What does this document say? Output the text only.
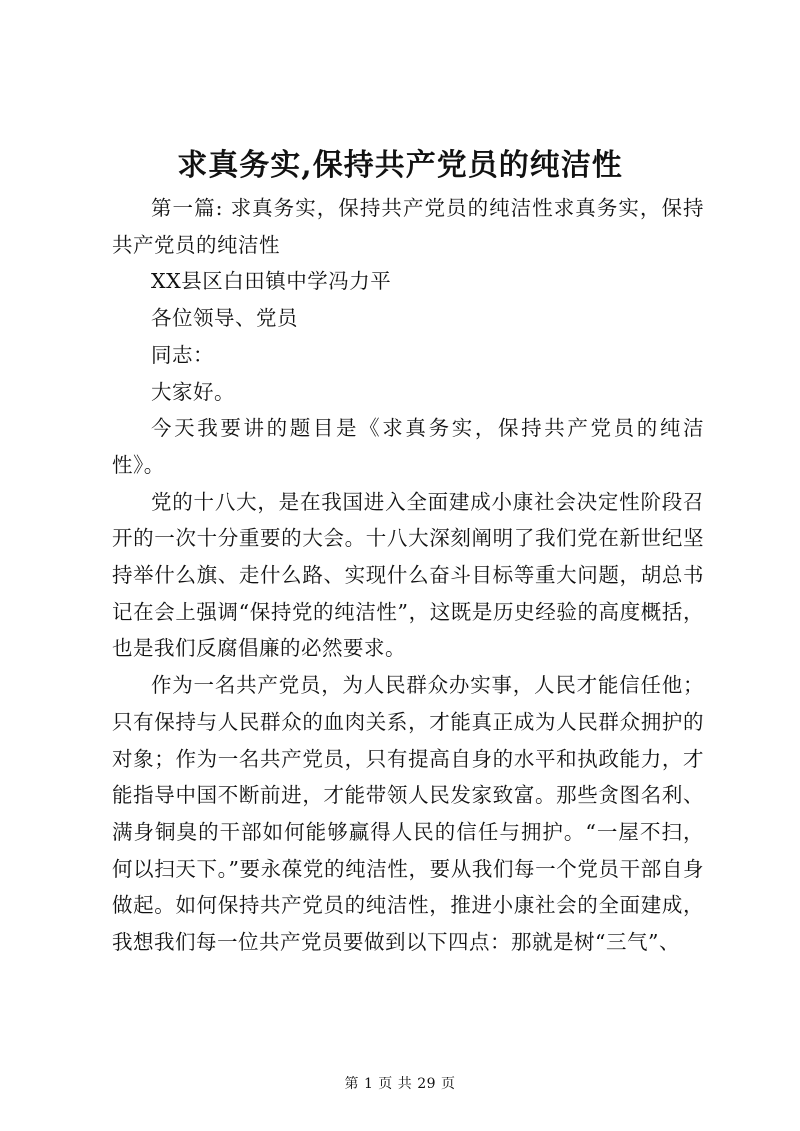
求真务实,保持共产党员的纯洁性

第一篇: 求真务实，保持共产党员的纯洁性求真务实，保持共产党员的纯洁性

XX县区白田镇中学冯力平

各位领导、党员

同志：

大家好。

今天我要讲的题目是《求真务实，保持共产党员的纯洁性》。

党的十八大，是在我国进入全面建成小康社会决定性阶段召开的一次十分重要的大会。十八大深刻阐明了我们党在新世纪坚持举什么旗、走什么路、实现什么奋斗目标等重大问题，胡总书记在会上强调“保持党的纯洁性”，这既是历史经验的高度概括，也是我们反腐倡廉的必然要求。

作为一名共产党员，为人民群众办实事，人民才能信任他；只有保持与人民群众的血肉关系，才能真正成为人民群众拥护的对象；作为一名共产党员，只有提高自身的水平和执政能力，才能指导中国不断前进，才能带领人民发家致富。那些贪图名利、满身铜臭的干部如何能够赢得人民的信任与拥护。“一屋不扫，何以扫天下。”要永葆党的纯洁性，要从我们每一个党员干部自身做起。如何保持共产党员的纯洁性，推进小康社会的全面建成，我想我们每一位共产党员要做到以下四点：那就是树“三气”、

第 1 页 共 29 页
